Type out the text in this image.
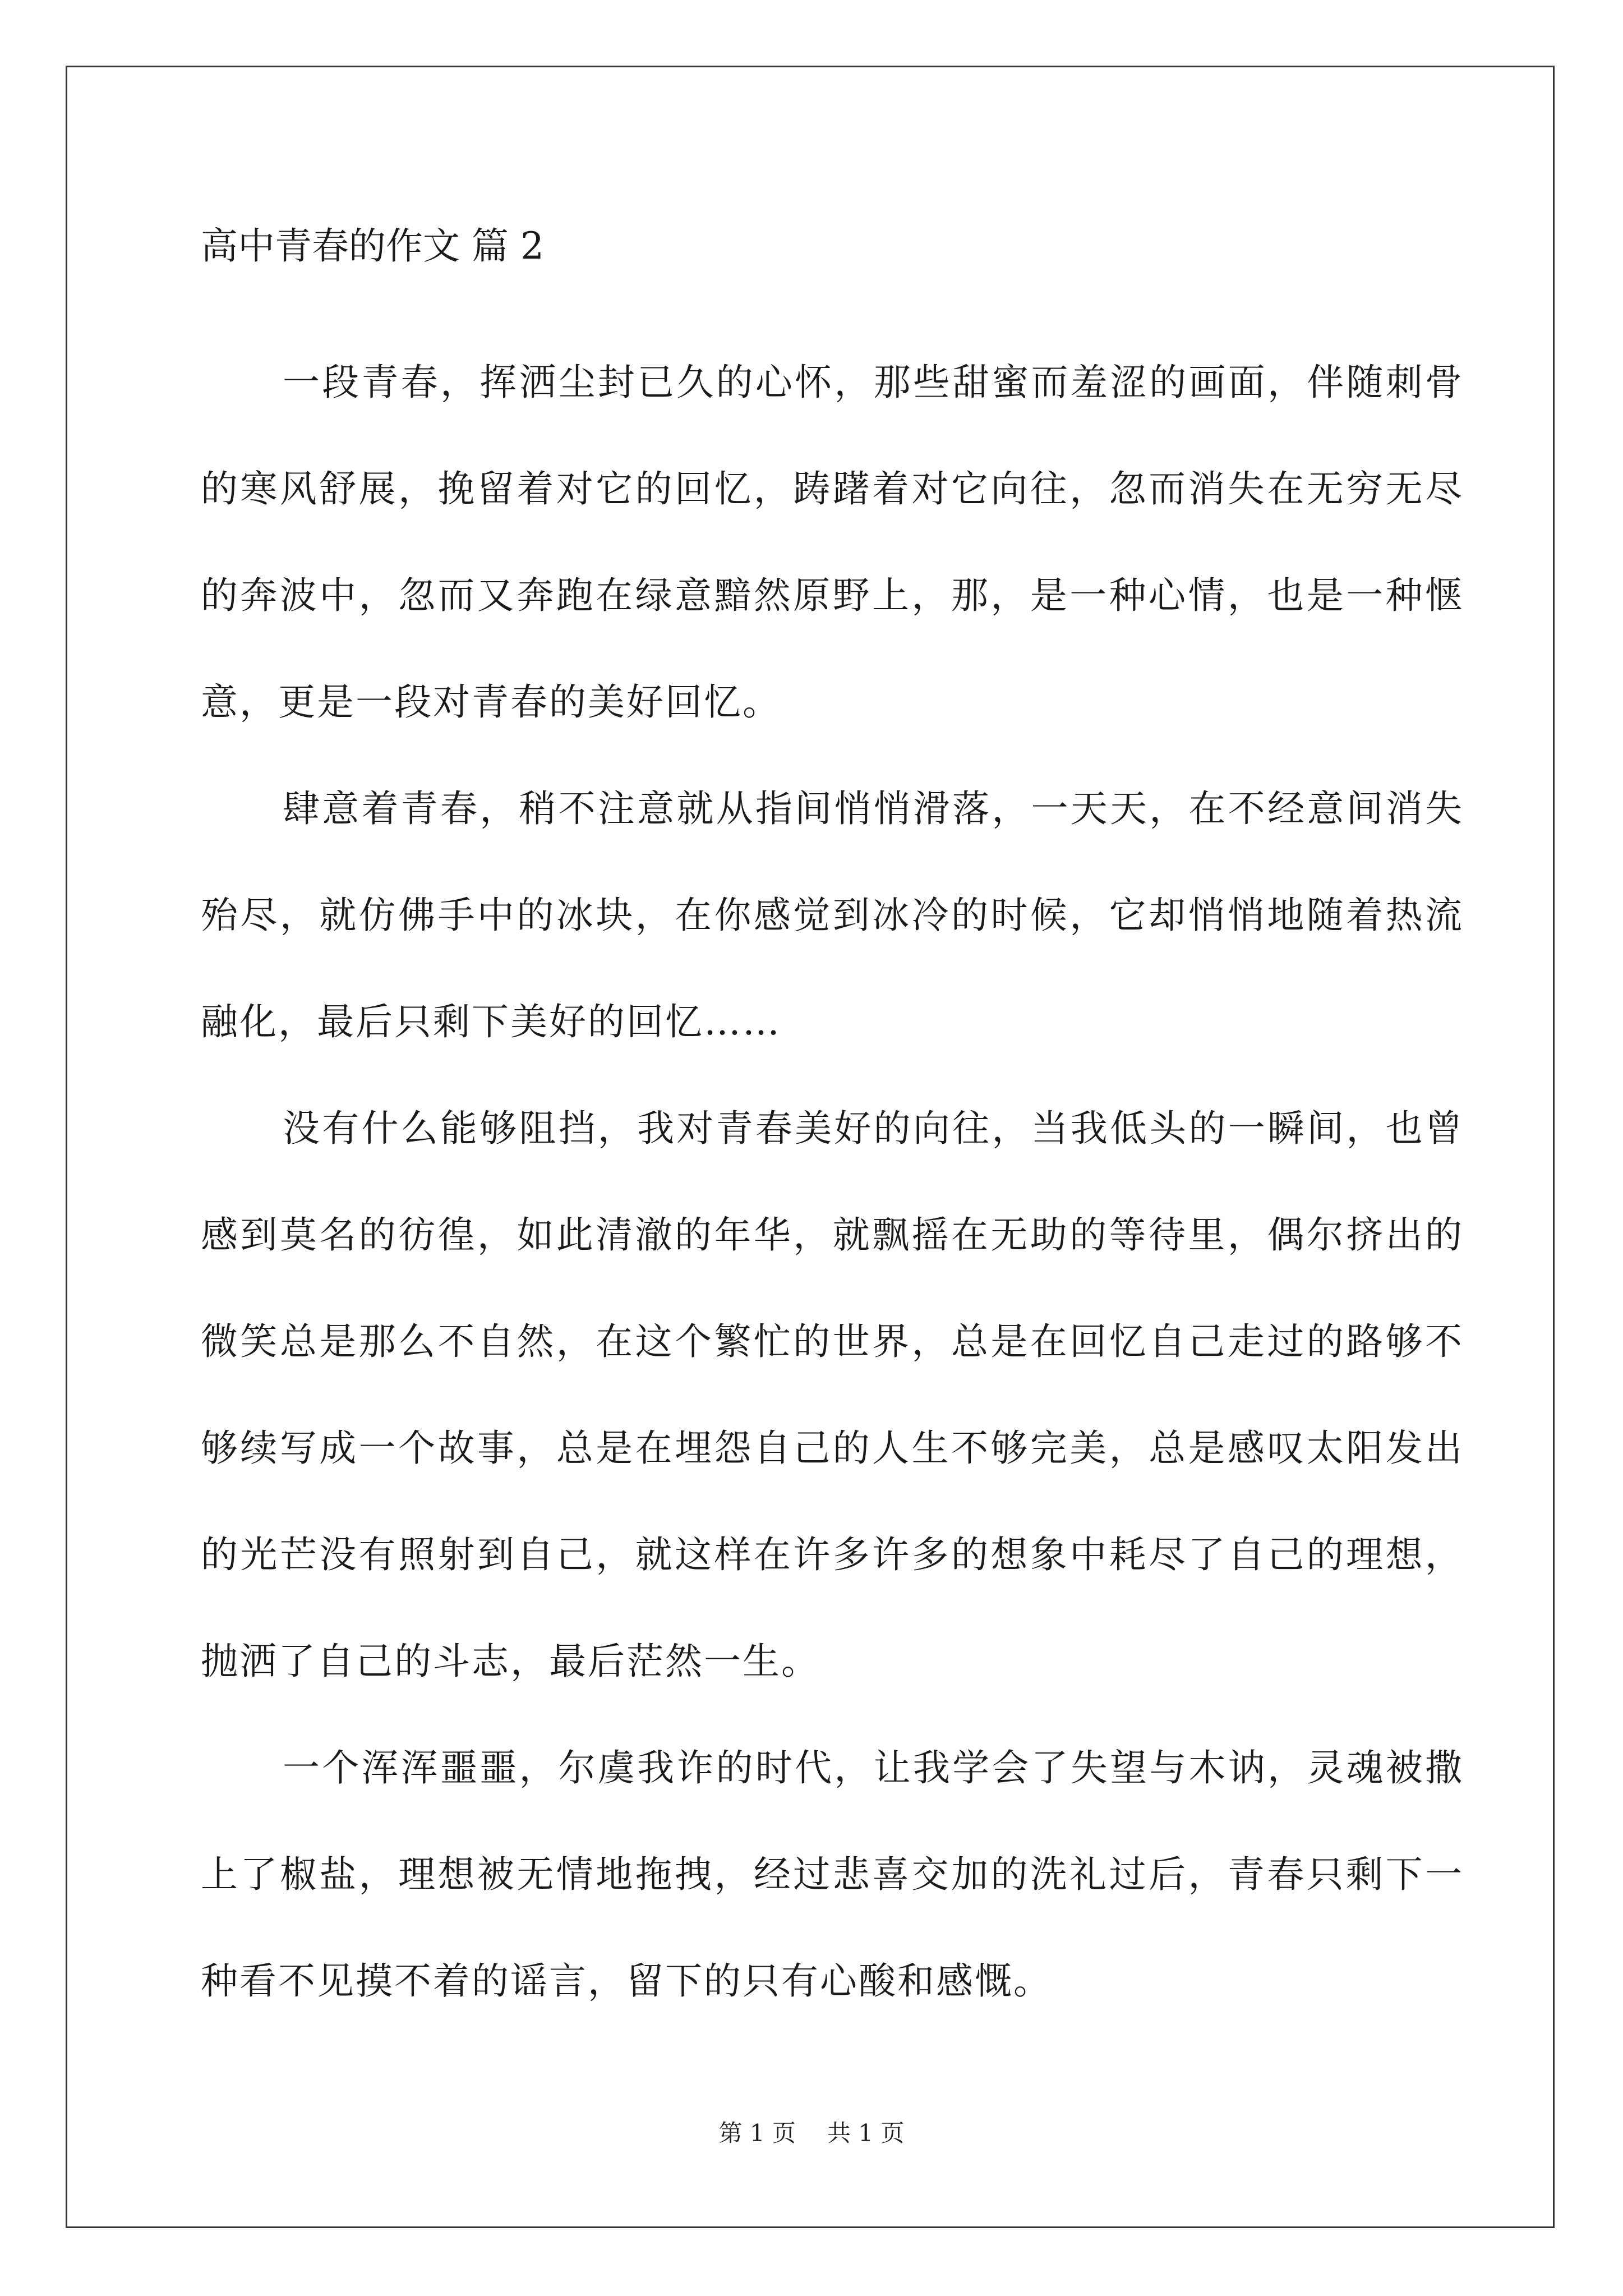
高中青春的作文 篇 2

一段青春，挥洒尘封已久的心怀，那些甜蜜而羞涩的画面，伴随刺骨的寒风舒展，挽留着对它的回忆，踌躇着对它向往，忽而消失在无穷无尽的奔波中，忽而又奔跑在绿意黯然原野上，那，是一种心情，也是一种惬意，更是一段对青春的美好回忆。

肆意着青春，稍不注意就从指间悄悄滑落，一天天，在不经意间消失殆尽，就仿佛手中的冰块，在你感觉到冰冷的时候，它却悄悄地随着热流融化，最后只剩下美好的回忆……

没有什么能够阻挡，我对青春美好的向往，当我低头的一瞬间，也曾感到莫名的彷徨，如此清澈的年华，就飘摇在无助的等待里，偶尔挤出的微笑总是那么不自然，在这个繁忙的世界，总是在回忆自己走过的路够不够续写成一个故事，总是在埋怨自己的人生不够完美，总是感叹太阳发出的光芒没有照射到自己，就这样在许多许多的想象中耗尽了自己的理想，抛洒了自己的斗志，最后茫然一生。

一个浑浑噩噩，尔虞我诈的时代，让我学会了失望与木讷，灵魂被撒上了椒盐，理想被无情地拖拽，经过悲喜交加的洗礼过后，青春只剩下一种看不见摸不着的谣言，留下的只有心酸和感慨。

第 1 页 共 1 页
